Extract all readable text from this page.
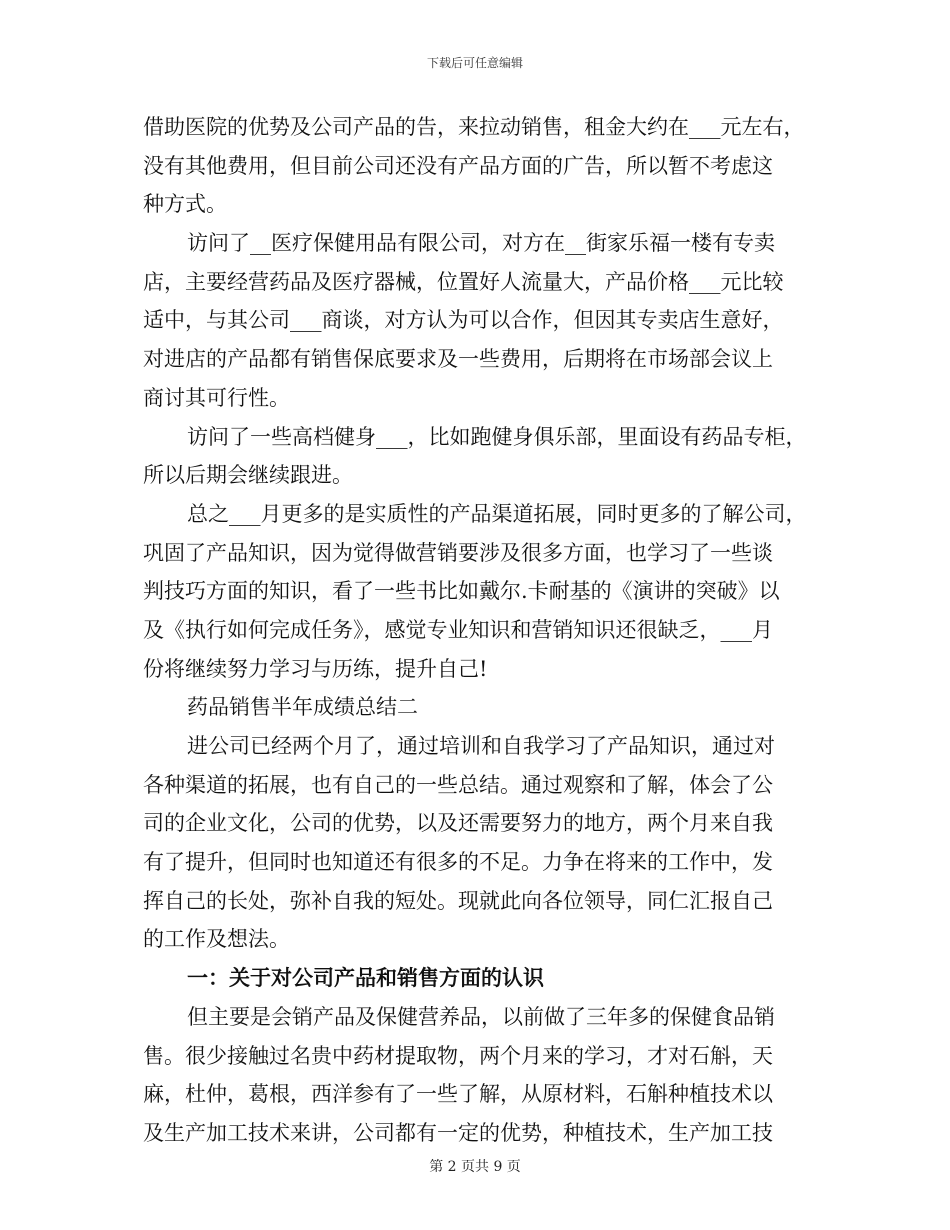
下载后可任意编辑
借助医院的优势及公司产品的告，来拉动销售，租金大约在___元左右，
没有其他费用，但目前公司还没有产品方面的广告，所以暂不考虑这
种方式。
访问了__医疗保健用品有限公司，对方在__街家乐福一楼有专卖
店，主要经营药品及医疗器械，位置好人流量大，产品价格___元比较
适中，与其公司___商谈，对方认为可以合作，但因其专卖店生意好，
对进店的产品都有销售保底要求及一些费用，后期将在市场部会议上
商讨其可行性。
访问了一些高档健身___，比如跑健身俱乐部，里面设有药品专柜，
所以后期会继续跟进。
总之___月更多的是实质性的产品渠道拓展，同时更多的了解公司，
巩固了产品知识，因为觉得做营销要涉及很多方面，也学习了一些谈
判技巧方面的知识，看了一些书比如戴尔.卡耐基的《演讲的突破》以
及《执行如何完成任务》，感觉专业知识和营销知识还很缺乏，___月
份将继续努力学习与历练，提升自己!
药品销售半年成绩总结二
进公司已经两个月了，通过培训和自我学习了产品知识，通过对
各种渠道的拓展，也有自己的一些总结。通过观察和了解，体会了公
司的企业文化，公司的优势，以及还需要努力的地方，两个月来自我
有了提升，但同时也知道还有很多的不足。力争在将来的工作中，发
挥自己的长处，弥补自我的短处。现就此向各位领导，同仁汇报自己
的工作及想法。
一：关于对公司产品和销售方面的认识
但主要是会销产品及保健营养品，以前做了三年多的保健食品销
售。很少接触过名贵中药材提取物，两个月来的学习，才对石斛，天
麻，杜仲，葛根，西洋参有了一些了解，从原材料，石斛种植技术以
及生产加工技术来讲，公司都有一定的优势，种植技术，生产加工技
第 2 页共 9 页
